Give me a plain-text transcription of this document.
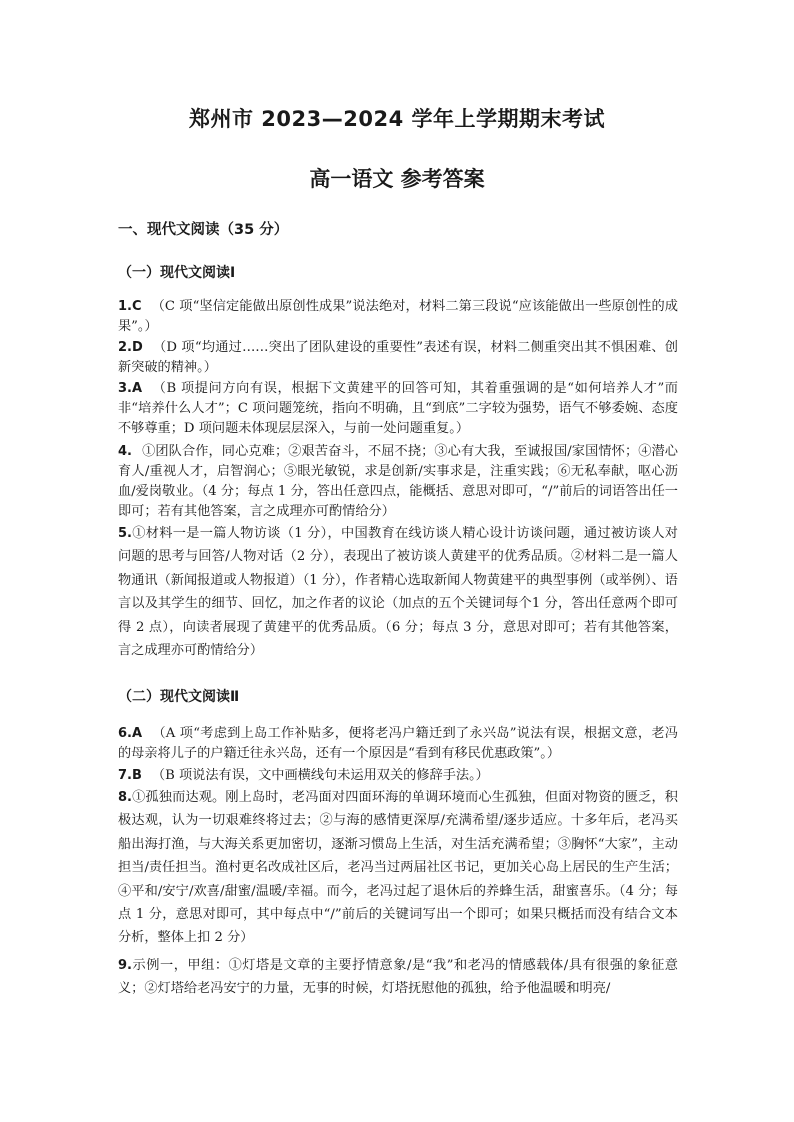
郑州市 2023—2024 学年上学期期末考试
高一语文 参考答案
一、现代文阅读（35 分）
（一）现代文阅读Ⅰ
1.C （C 项“坚信定能做出原创性成果”说法绝对，材料二第三段说“应该能做出一些原创性的成果”。）
2.D （D 项“均通过……突出了团队建设的重要性”表述有误，材料二侧重突出其不惧困难、创新突破的精神。）
3.A （B 项提问方向有误，根据下文黄建平的回答可知，其着重强调的是“如何培养人才”而非“培养什么人才”；C 项问题笼统，指向不明确，且“到底”二字较为强势，语气不够委婉、态度不够尊重；D 项问题未体现层层深入，与前一处问题重复。）
4. ①团队合作，同心克难；②艰苦奋斗，不屈不挠；③心有大我，至诚报国/家国情怀；④潜心育人/重视人才，启智润心；⑤眼光敏锐，求是创新/实事求是，注重实践；⑥无私奉献，呕心沥血/爱岗敬业。（4 分；每点 1 分，答出任意四点，能概括、意思对即可，“/”前后的词语答出任一即可；若有其他答案，言之成理亦可酌情给分）
5.①材料一是一篇人物访谈（1 分），中国教育在线访谈人精心设计访谈问题，通过被访谈人对问题的思考与回答/人物对话（2 分），表现出了被访谈人黄建平的优秀品质。②材料二是一篇人物通讯（新闻报道或人物报道）（1 分），作者精心选取新闻人物黄建平的典型事例（或举例）、语言以及其学生的细节、回忆，加之作者的议论（加点的五个关键词每个1 分，答出任意两个即可得 2 点），向读者展现了黄建平的优秀品质。（6 分；每点 3 分，意思对即可；若有其他答案，言之成理亦可酌情给分）
（二）现代文阅读Ⅱ
6.A （A 项“考虑到上岛工作补贴多，便将老冯户籍迁到了永兴岛”说法有误，根据文意，老冯的母亲将儿子的户籍迁往永兴岛，还有一个原因是“看到有移民优惠政策”。）
7.B （B 项说法有误，文中画横线句未运用双关的修辞手法。）
8.①孤独而达观。刚上岛时，老冯面对四面环海的单调环境而心生孤独，但面对物资的匮乏，积极达观，认为一切艰难终将过去；②与海的感情更深厚/充满希望/逐步适应。十多年后，老冯买船出海打渔，与大海关系更加密切，逐渐习惯岛上生活，对生活充满希望；③胸怀“大家”，主动担当/责任担当。渔村更名改成社区后，老冯当过两届社区书记，更加关心岛上居民的生产生活；④平和/安宁/欢喜/甜蜜/温暖/幸福。而今，老冯过起了退休后的养蜂生活，甜蜜喜乐。（4 分；每点 1 分，意思对即可，其中每点中“/”前后的关键词写出一个即可；如果只概括而没有结合文本分析，整体上扣 2 分）
9.示例一，甲组：①灯塔是文章的主要抒情意象/是“我”和老冯的情感载体/具有很强的象征意义；②灯塔给老冯安宁的力量，无事的时候，灯塔抚慰他的孤独，给予他温暖和明亮/
